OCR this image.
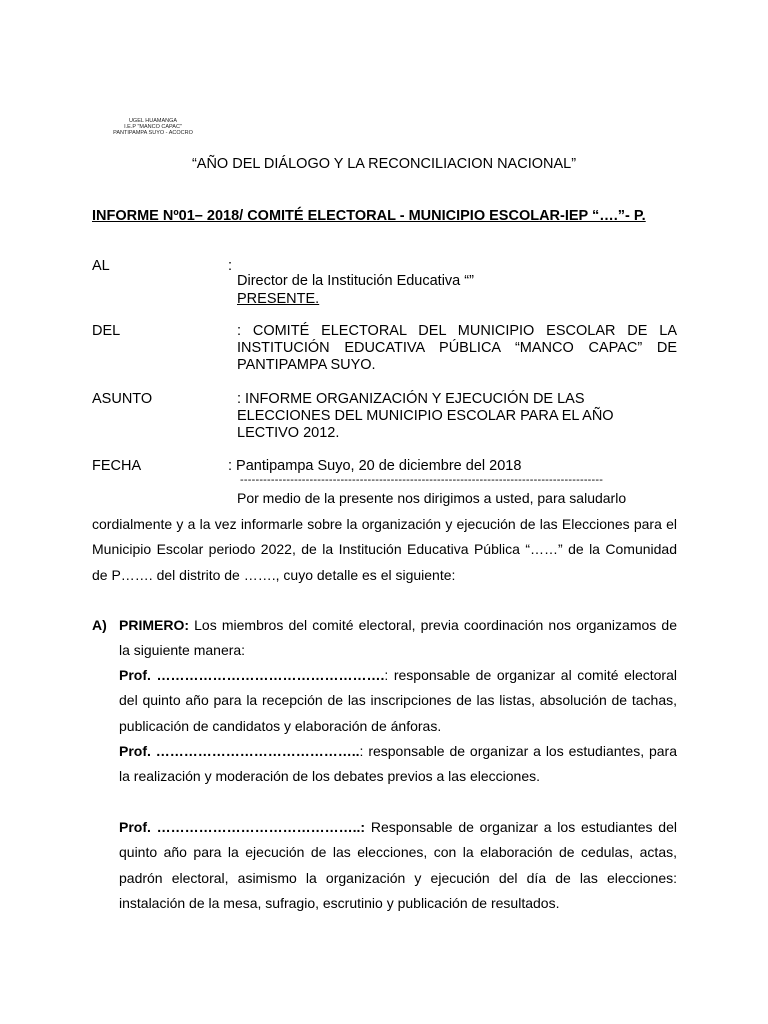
UGEL HUAMANGA
I.E.P "MANCO CAPAC"
PANTIPAMPA SUYO - ACOCRO
“AÑO DEL DIÁLOGO Y LA RECONCILIACION NACIONAL”
INFORME Nº01– 2018/ COMITÉ ELECTORAL - MUNICIPIO ESCOLAR-IEP “….”- P.
AL	:
Director de la Institución Educativa “”
PRESENTE.
DEL	: COMITÉ ELECTORAL DEL MUNICIPIO ESCOLAR DE LA INSTITUCIÓN EDUCATIVA PÚBLICA “MANCO CAPAC” DE PANTIPAMPA SUYO.
ASUNTO	: INFORME ORGANIZACIÓN Y EJECUCIÓN DE LAS ELECCIONES DEL MUNICIPIO ESCOLAR PARA EL AÑO LECTIVO 2012.
FECHA	: Pantipampa Suyo, 20 de diciembre del 2018
----------------------------------------------------------------------------------------------
Por medio de la presente nos dirigimos a usted, para saludarlo
cordialmente y a la vez informarle sobre la organización y ejecución de las Elecciones para el Municipio Escolar periodo 2022, de la Institución Educativa Pública “……” de la Comunidad de P……. del distrito de ……., cuyo detalle es el siguiente:
A) PRIMERO: Los miembros del comité electoral, previa coordinación nos organizamos de la siguiente manera:
Prof. ………………………………………….: responsable de organizar al comité electoral del quinto año para la recepción de las inscripciones de las listas, absolución de tachas, publicación de candidatos y elaboración de ánforas.
Prof. ……………………………………..: responsable de organizar a los estudiantes, para la realización y moderación de los debates previos a las elecciones.
Prof. ……………………………………..: Responsable de organizar a los estudiantes del quinto año para la ejecución de las elecciones, con la elaboración de cedulas, actas, padrón electoral, asimismo la organización y ejecución del día de las elecciones: instalación de la mesa, sufragio, escrutinio y publicación de resultados.
